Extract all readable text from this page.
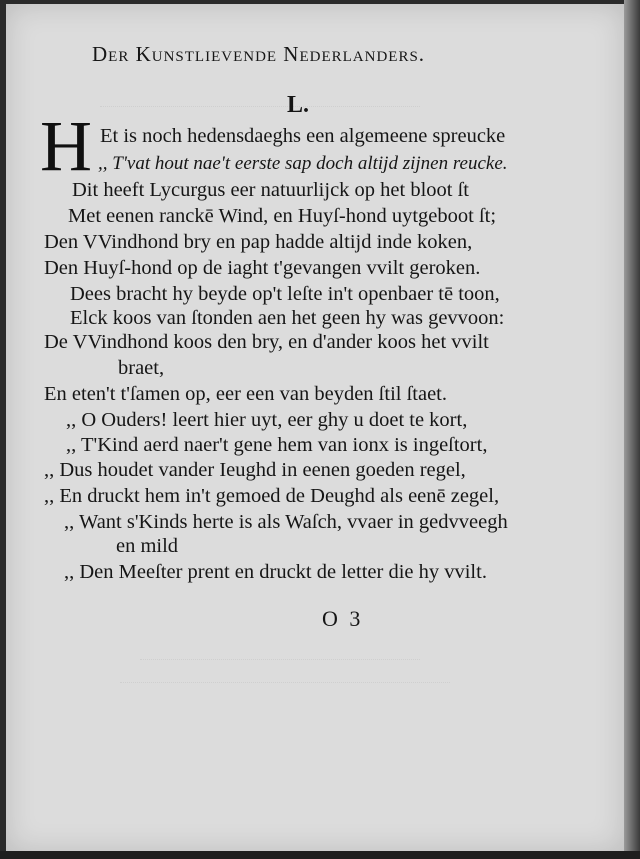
Der Kunstlievende Nederlanders.
L.
H Et is noch hedensdaeghs een algemeene spreucke
,, T'vat hout nae't eerste sap doch altijd zijnen reucke.
Dit heeft Lycurgus eer natuurlijck op het bloot ſt
Met eenen ranckē Wind, en Huyſ-hond uytgeboot ſt;
Den VVindhond bry en pap hadde altijd inde koken,
Den Huyſ-hond op de iaght t'gevangen vvilt geroken.
Dees bracht hy beyde op't leſte in't openbaer tē toon,
Elck koos van ſtonden aen het geen hy was gevvoon:
De VVindhond koos den bry, en d'ander koos het vvilt
braet,
En eten't t'ſamen op, eer een van beyden ſtil ſtaet.
,, O Ouders! leert hier uyt, eer ghy u doet te kort,
,, T'Kind aerd naer't gene hem van ionx is ingeſtort,
,, Dus houdet vander Ieughd in eenen goeden regel,
,, En druckt hem in't gemoed de Deughd als eenē zegel,
,, Want s'Kinds herte is als Waſch, vvaer in gedvveegh
en mild
,, Den Meeſter prent en druckt de letter die hy vvilt.
O 3
